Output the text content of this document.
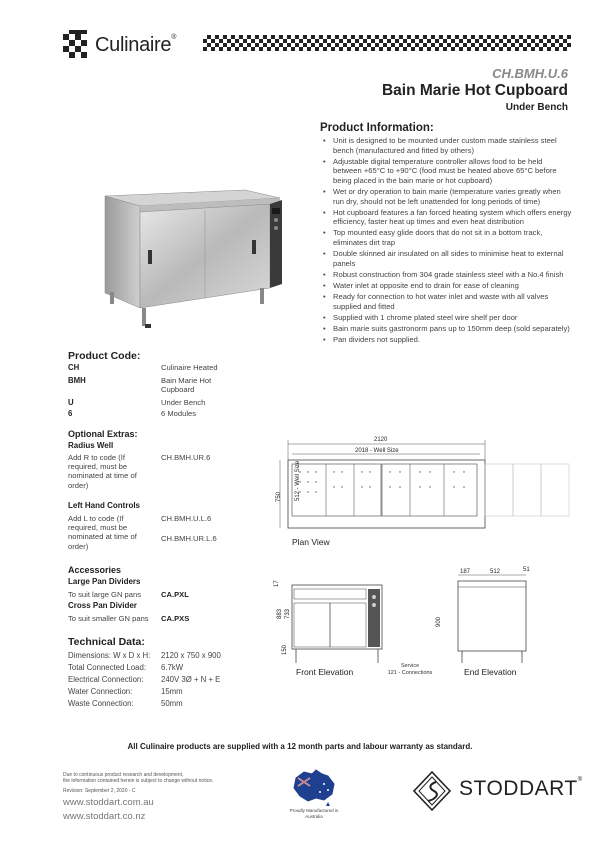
Culinaire®
CH.BMH.U.6
Bain Marie Hot Cupboard
Under Bench
Product Information:
• Unit is designed to be mounted under custom made stainless steel bench (manufactured and fitted by others)
• Adjustable digital temperature controller allows food to be held between +65°C to +90°C (food must be heated above 65°C before being placed in the bain marie or hot cupboard)
• Wet or dry operation to bain marie (temperature varies greatly when run dry, should not be left unattended for long periods of time)
• Hot cupboard features a fan forced heating system which offers energy efficiency, faster heat up times and even heat distribution
• Top mounted easy glide doors that do not sit in a bottom track, eliminates dirt trap
• Double skinned air insulated on all sides to minimise heat to external panels
• Robust construction from 304 grade stainless steel with a No.4 finish
• Water inlet at opposite end to drain for ease of cleaning
• Ready for connection to hot water inlet and waste with all valves supplied and fitted
• Supplied with 1 chrome plated steel wire shelf per door
• Bain marie suits gastronorm pans up to 150mm deep (sold separately)
• Pan dividers not supplied.
Product Code:
CH	Culinaire Heated
BMH	Bain Marie Hot Cupboard
U	Under Bench
6	6 Modules
Optional Extras:
Radius Well
Add R to code (If required, must be nominated at time of order)
CH.BMH.UR.6
Left Hand Controls
Add L to code (If required, must be nominated at time of order)
CH.BMH.U.L.6
CH.BMH.UR.L.6
Accessories
Large Pan Dividers
To suit large GN pans	CA.PXL
Cross Pan Divider
To suit smaller GN pans	CA.PXS
Technical Data:
Dimensions: W x D x H: 2120 x 750 x 900
Total Connected Load: 6.7kW
Electrical Connection: 240V 3Ø + N + E
Water Connection:	15mm
Waste Connection:	50mm
2120
2018 - Well Size
750 512 - Well Size
Plan View
17
883 733
150
Front Elevation
Service
121 - Connections
187	512	51
900
End Elevation
All Culinaire products are supplied with a 12 month parts and labour warranty as standard.
Due to continuous product research and development,
the information contained herein is subject to change without notice.
Revision: September 2, 2020 - C
www.stoddart.com.au
www.stoddart.co.nz
Proudly Manufactured in Australia
STODDART®
